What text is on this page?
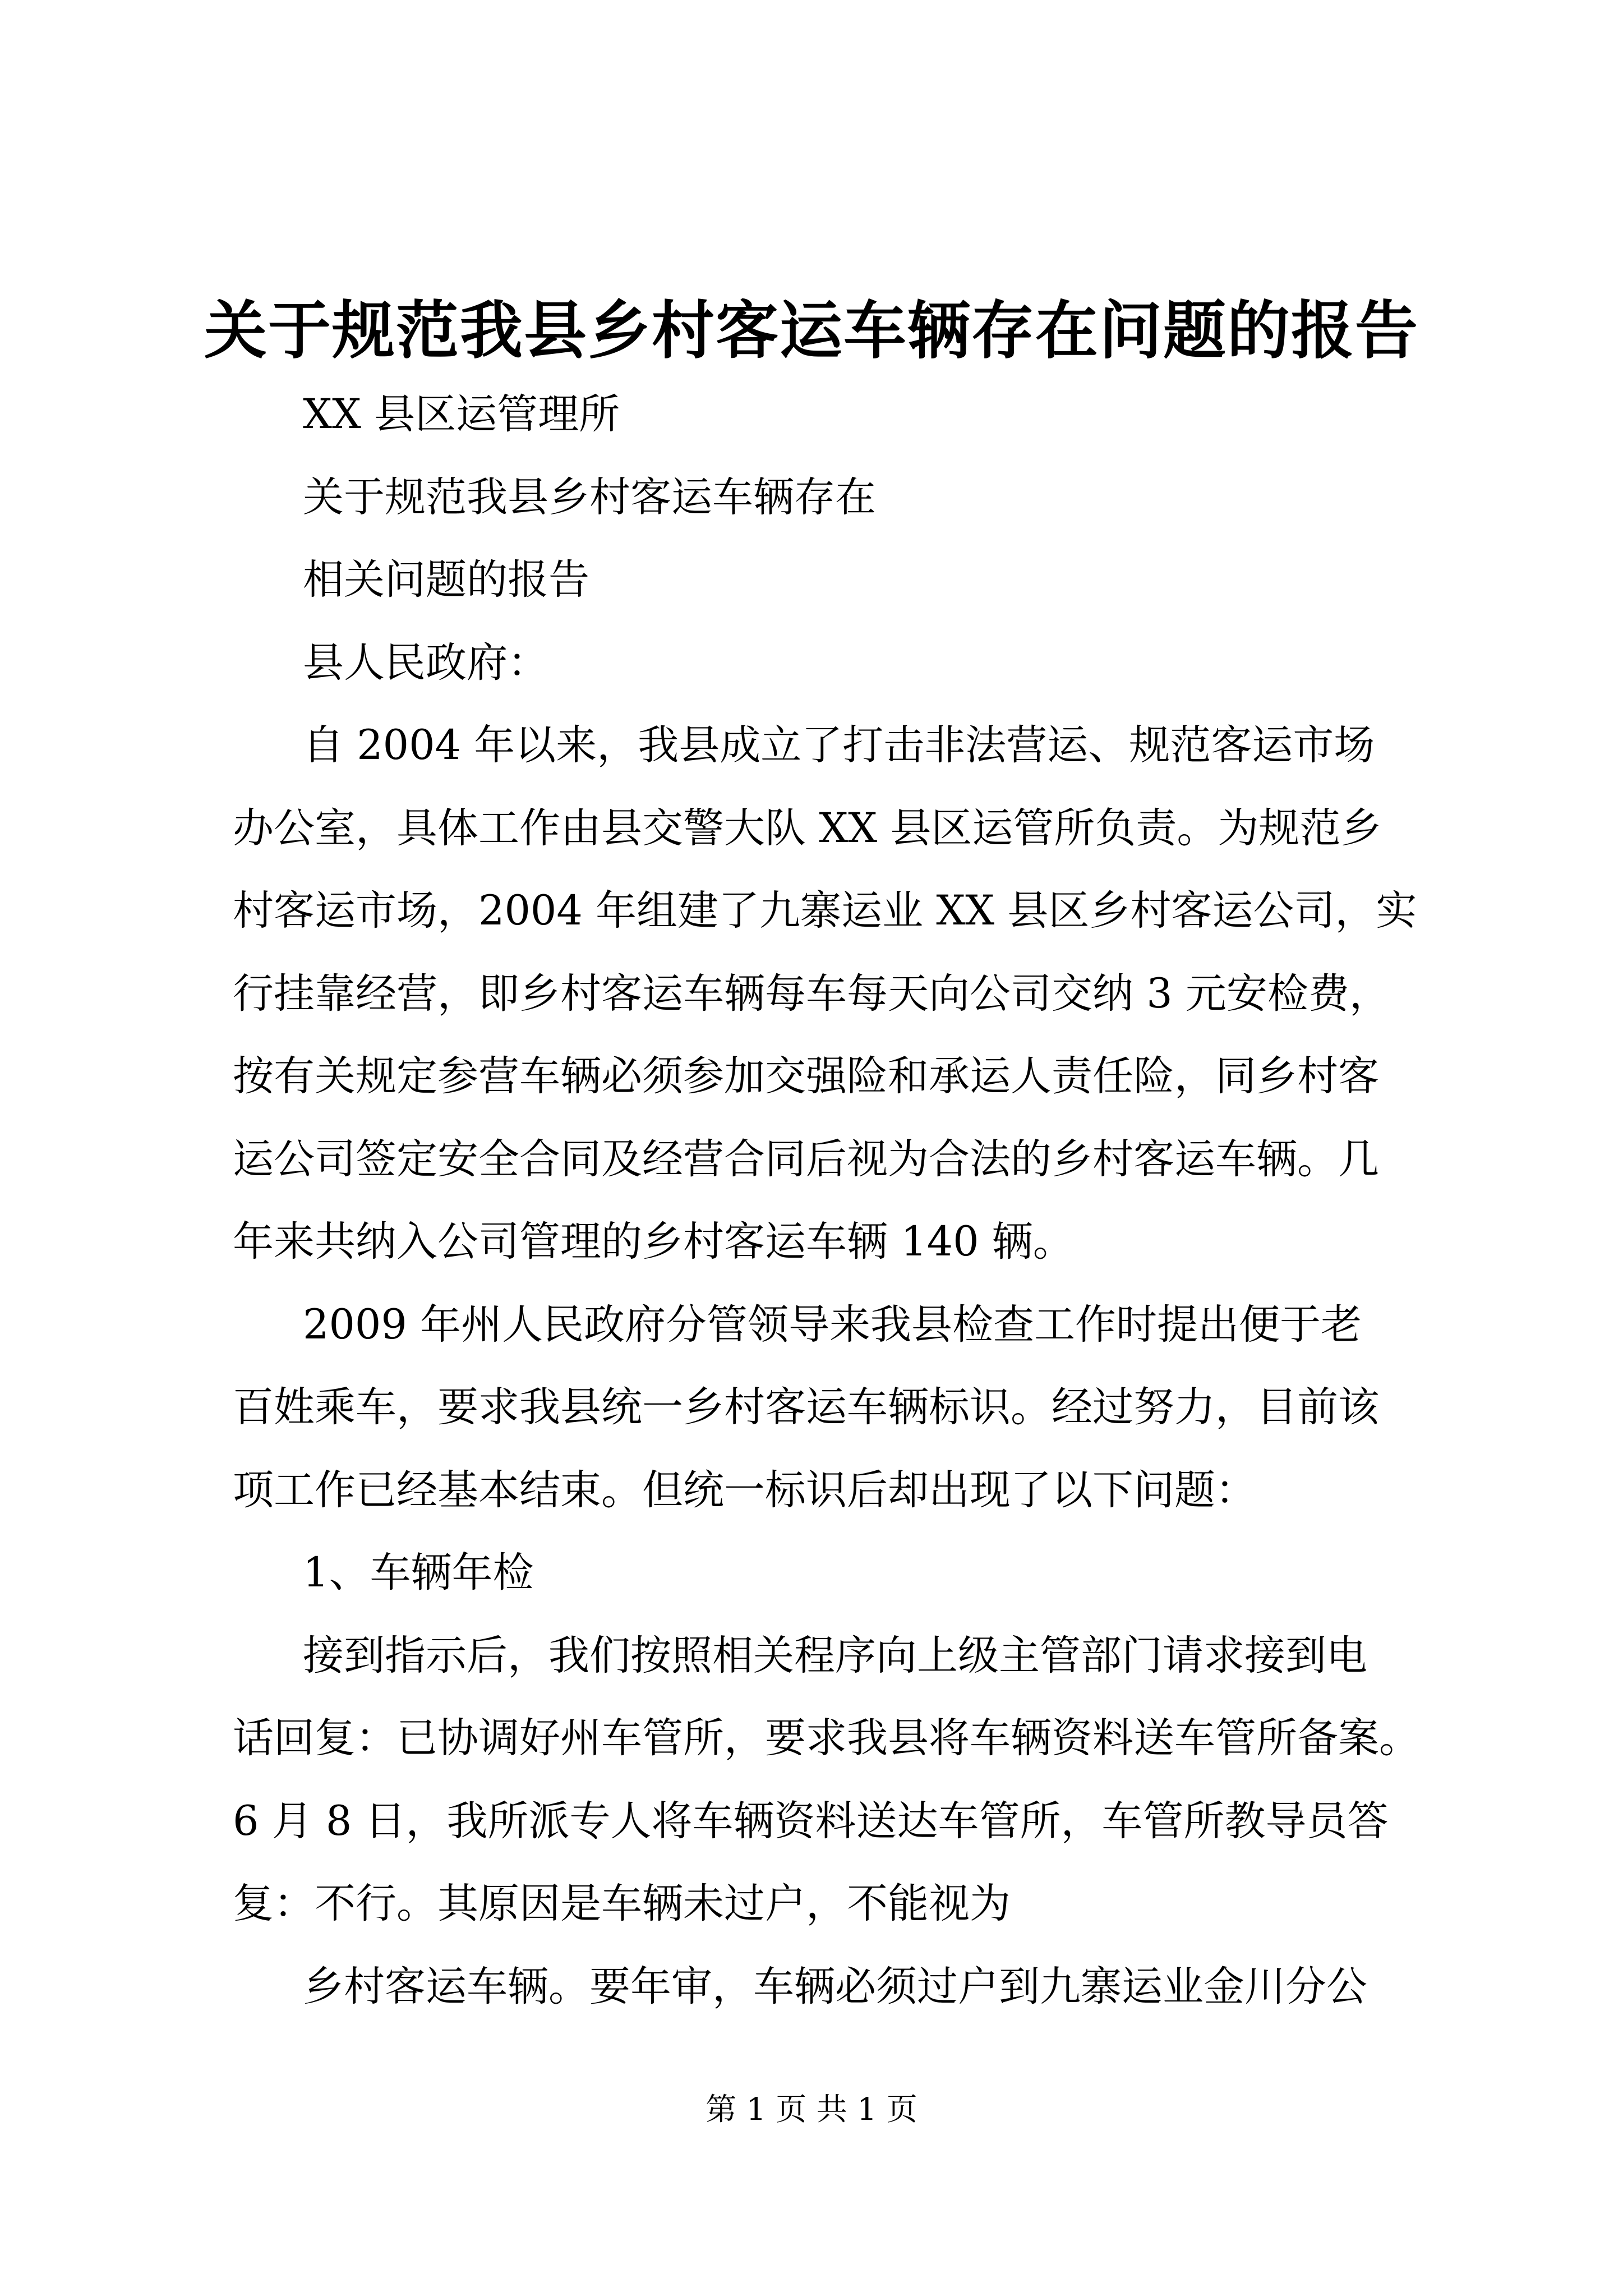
关于规范我县乡村客运车辆存在问题的报告
XX 县区运管理所
关于规范我县乡村客运车辆存在
相关问题的报告
县人民政府：
自 2004 年以来，我县成立了打击非法营运、规范客运市场
办公室，具体工作由县交警大队 XX 县区运管所负责。为规范乡
村客运市场，2004 年组建了九寨运业 XX 县区乡村客运公司，实
行挂靠经营，即乡村客运车辆每车每天向公司交纳 3 元安检费，
按有关规定参营车辆必须参加交强险和承运人责任险，同乡村客
运公司签定安全合同及经营合同后视为合法的乡村客运车辆。几
年来共纳入公司管理的乡村客运车辆 140 辆。
2009 年州人民政府分管领导来我县检查工作时提出便于老
百姓乘车，要求我县统一乡村客运车辆标识。经过努力，目前该
项工作已经基本结束。但统一标识后却出现了以下问题：
1、车辆年检
接到指示后，我们按照相关程序向上级主管部门请求接到电
话回复：已协调好州车管所，要求我县将车辆资料送车管所备案。
6 月 8 日，我所派专人将车辆资料送达车管所，车管所教导员答
复：不行。其原因是车辆未过户，不能视为
乡村客运车辆。要年审，车辆必须过户到九寨运业金川分公
第 1 页 共 1 页
